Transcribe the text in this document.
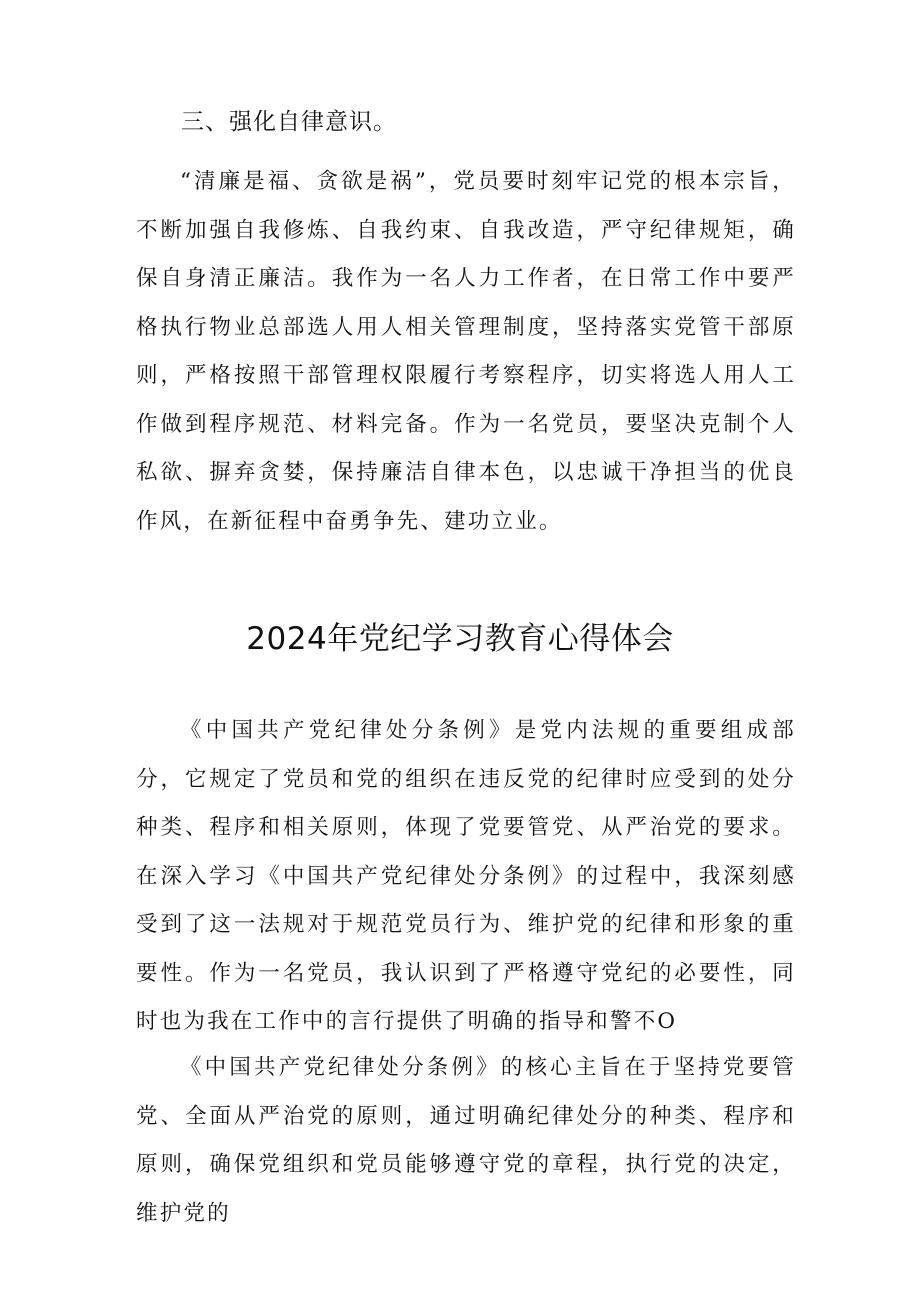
三、强化自律意识。

“清廉是福、贪欲是祸”，党员要时刻牢记党的根本宗旨，不断加强自我修炼、自我约束、自我改造，严守纪律规矩，确保自身清正廉洁。我作为一名人力工作者，在日常工作中要严格执行物业总部选人用人相关管理制度，坚持落实党管干部原则，严格按照干部管理权限履行考察程序，切实将选人用人工作做到程序规范、材料完备。作为一名党员，要坚决克制个人私欲、摒弃贪婪，保持廉洁自律本色，以忠诚干净担当的优良作风，在新征程中奋勇争先、建功立业。

2024年党纪学习教育心得体会

《中国共产党纪律处分条例》是党内法规的重要组成部分，它规定了党员和党的组织在违反党的纪律时应受到的处分种类、程序和相关原则，体现了党要管党、从严治党的要求。在深入学习《中国共产党纪律处分条例》的过程中，我深刻感受到了这一法规对于规范党员行为、维护党的纪律和形象的重要性。作为一名党员，我认识到了严格遵守党纪的必要性，同时也为我在工作中的言行提供了明确的指导和警不O

《中国共产党纪律处分条例》的核心主旨在于坚持党要管党、全面从严治党的原则，通过明确纪律处分的种类、程序和原则，确保党组织和党员能够遵守党的章程，执行党的决定，维护党的
